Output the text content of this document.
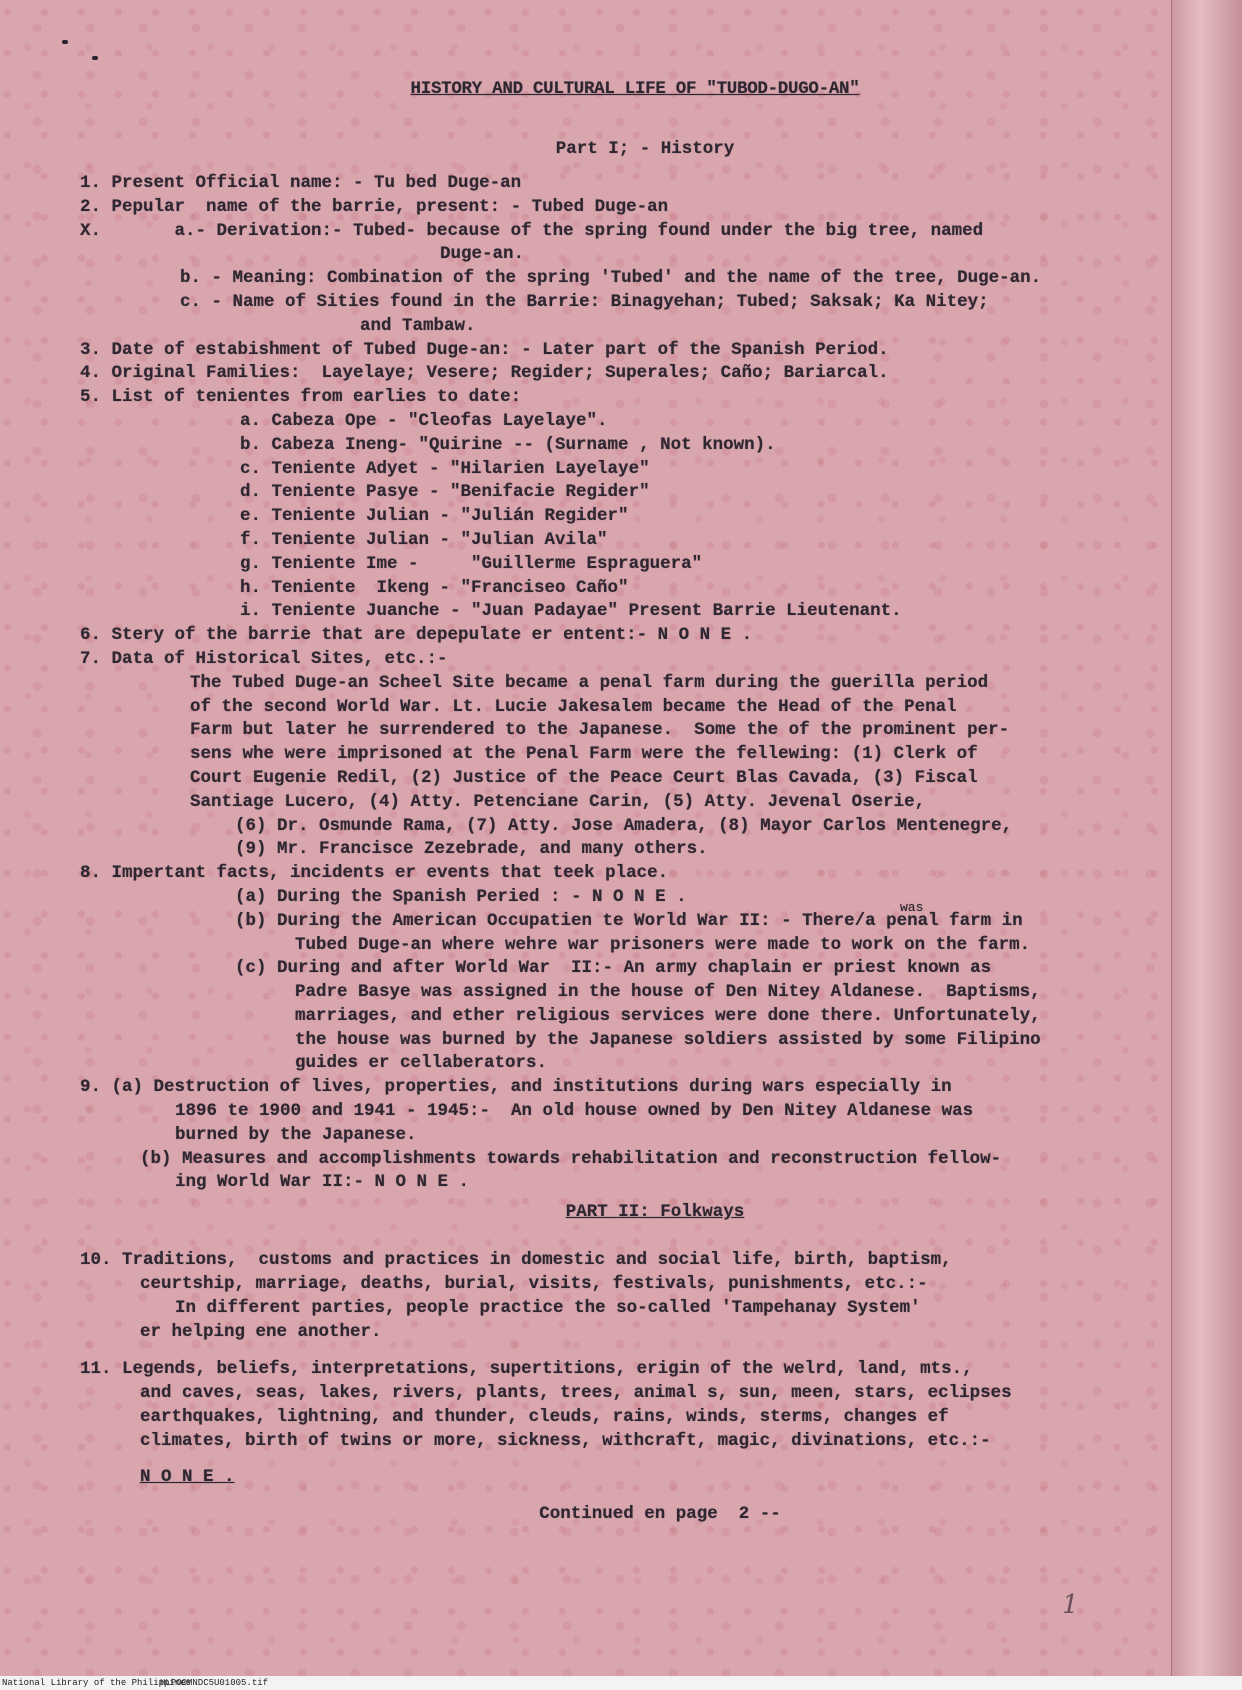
HISTORY AND CULTURAL LIFE OF "TUBOD-DUGO-AN"
Part I; - History
1. Present Official name: - Tu bed Duge-an
2. Pepular  name of the barrie, present: - Tubed Duge-an
X.       a.- Derivation:- Tubed- because of the spring found under the big tree, named
Duge-an.
b. - Meaning: Combination of the spring 'Tubed' and the name of the tree, Duge-an.
c. - Name of Sities found in the Barrie: Binagyehan; Tubed; Saksak; Ka Nitey;
and Tambaw.
3. Date of estabishment of Tubed Duge-an: - Later part of the Spanish Period.
4. Original Families:  Layelaye; Vesere; Regider; Superales; Caño; Bariarcal.
5. List of tenientes from earlies to date:
a. Cabeza Ope - "Cleofas Layelaye".
b. Cabeza Ineng- "Quirine -- (Surname , Not known).
c. Teniente Adyet - "Hilarien Layelaye"
d. Teniente Pasye - "Benifacie Regider"
e. Teniente Julian - "Julián Regider"
f. Teniente Julian - "Julian Avila"
g. Teniente Ime -     "Guillerme Espraguera"
h. Teniente  Ikeng - "Franciseo Caño"
i. Teniente Juanche - "Juan Padayae" Present Barrie Lieutenant.
6. Stery of the barrie that are depepulate er entent:- N O N E .
7. Data of Historical Sites, etc.:-
The Tubed Duge-an Scheel Site became a penal farm during the guerilla period
of the second World War. Lt. Lucie Jakesalem became the Head of the Penal
Farm but later he surrendered to the Japanese.  Some the of the prominent per-
sens whe were imprisoned at the Penal Farm were the fellewing: (1) Clerk of
Court Eugenie Redil, (2) Justice of the Peace Ceurt Blas Cavada, (3) Fiscal
Santiage Lucero, (4) Atty. Petenciane Carin, (5) Atty. Jevenal Oserie,
(6) Dr. Osmunde Rama, (7) Atty. Jose Amadera, (8) Mayor Carlos Mentenegre,
(9) Mr. Francisce Zezebrade, and many others.
8. Impertant facts, incidents er events that teek place.
(a) During the Spanish Peried : - N O N E .
(b) During the American Occupatien te World War II: - There/a penal farm in
was
Tubed Duge-an where wehre war prisoners were made to work on the farm.
(c) During and after World War  II:- An army chaplain er priest known as
Padre Basye was assigned in the house of Den Nitey Aldanese.  Baptisms,
marriages, and ether religious services were done there. Unfortunately,
the house was burned by the Japanese soldiers assisted by some Filipino
guides er cellaberators.
9. (a) Destruction of lives, properties, and institutions during wars especially in
1896 te 1900 and 1941 - 1945:-  An old house owned by Den Nitey Aldanese was
burned by the Japanese.
(b) Measures and accomplishments towards rehabilitation and reconstruction fellow-
ing World War II:- N O N E .
PART II: Folkways
10. Traditions,  customs and practices in domestic and social life, birth, baptism,
ceurtship, marriage, deaths, burial, visits, festivals, punishments, etc.:-
In different parties, people practice the so-called 'Tampehanay System'
er helping ene another.
11. Legends, beliefs, interpretations, supertitions, erigin of the welrd, land, mts.,
and caves, seas, lakes, rivers, plants, trees, animal s, sun, meen, stars, eclipses
earthquakes, lightning, and thunder, cleuds, rains, winds, sterms, changes ef
climates, birth of twins or more, sickness, withcraft, magic, divinations, etc.:-
N O N E .
Continued en page  2 --
1
National Library of the Philippines
HLPOOMNDC5U01005.tif
